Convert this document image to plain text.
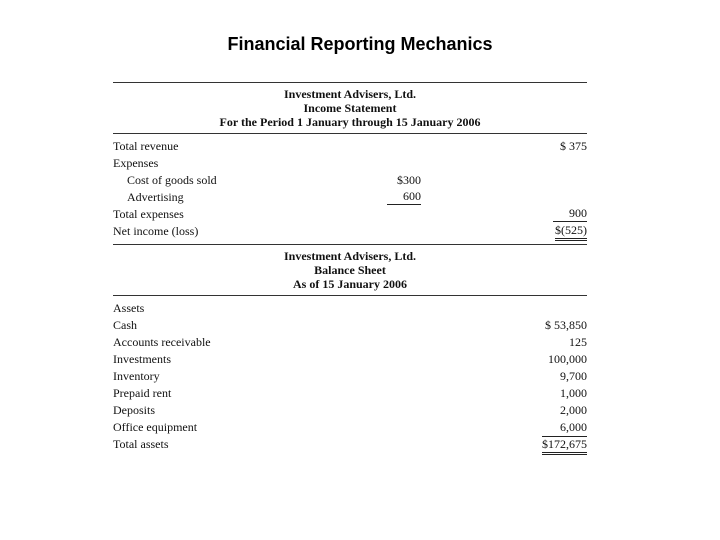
Financial Reporting Mechanics
Investment Advisers, Ltd.
Income Statement
For the Period 1 January through 15 January 2006
Total revenue	$ 375
Expenses
Cost of goods sold	$300
Advertising	600
Total expenses	900
Net income (loss)	$(525)
Investment Advisers, Ltd.
Balance Sheet
As of 15 January 2006
Assets
Cash	$ 53,850
Accounts receivable	125
Investments	100,000
Inventory	9,700
Prepaid rent	1,000
Deposits	2,000
Office equipment	6,000
Total assets	$172,675
